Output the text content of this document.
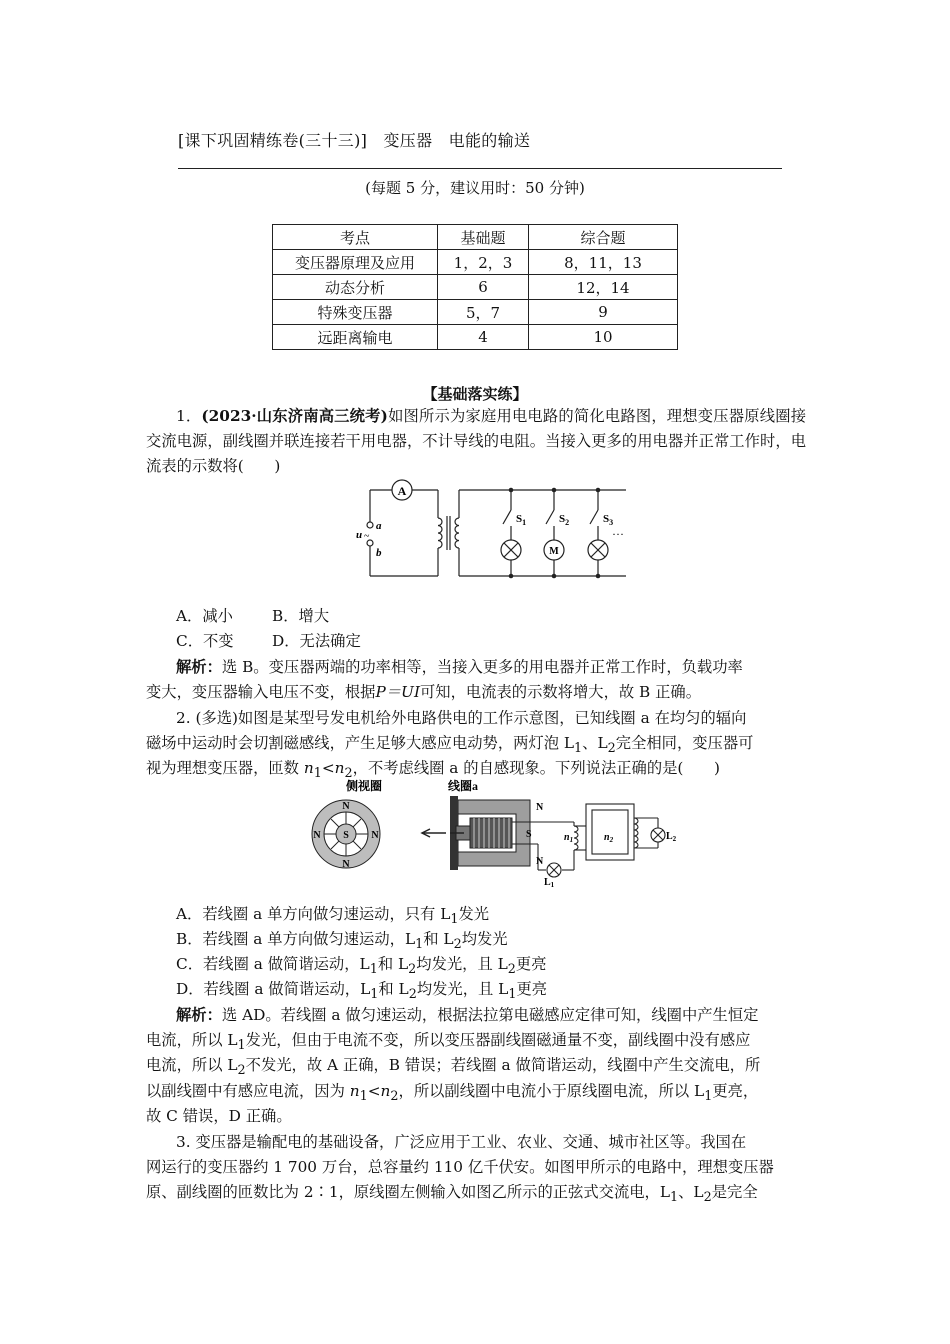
[课下巩固精练卷(三十三)]　变压器　电能的输送
(每题 5 分，建议用时：50 分钟)
考点	基础题	综合题
变压器原理及应用	1，2，3	8，11，13
动态分析	6	12，14
特殊变压器	5，7	9
远距离输电	4	10
【基础落实练】
1．(2023·山东济南高三统考)如图所示为家庭用电电路的简化电路图，理想变压器原线圈接交流电源，副线圈并联连接若干用电器，不计导线的电阻。当接入更多的用电器并正常工作时，电流表的示数将(　　)
A
a
b
u ~
$S_1$	$S_2$	$S_3$
M
···
A．减小	B．增大
C．不变	D．无法确定
解析：选 B。变压器两端的功率相等，当接入更多的用电器并正常工作时，负载功率
变大，变压器输入电压不变，根据P＝UI可知，电流表的示数将增大，故 B 正确。
2. (多选)如图是某型号发电机给外电路供电的工作示意图，已知线圈 a 在均匀的辐向
磁场中运动时会切割磁感线，产生足够大感应电动势，两灯泡 $L_1$、$L_2$完全相同，变压器可
视为理想变压器，匝数 $n_1<n_2$，不考虑线圈 a 的自感现象。下列说法正确的是(　　)
侧视圈
N
N
N	N
S
线圈a
N
S
N
$n_1$	$n_2$
$L_1$
$L_2$
A．若线圈 a 单方向做匀速运动，只有 $L_1$发光
B．若线圈 a 单方向做匀速运动，$L_1$和 $L_2$均发光
C．若线圈 a 做简谐运动，$L_1$和 $L_2$均发光，且 $L_2$更亮
D．若线圈 a 做简谐运动，$L_1$和 $L_2$均发光，且 $L_1$更亮
解析：选 AD。若线圈 a 做匀速运动，根据法拉第电磁感应定律可知，线圈中产生恒定
电流，所以 $L_1$发光，但由于电流不变，所以变压器副线圈磁通量不变，副线圈中没有感应
电流，所以 $L_2$不发光，故 A 正确，B 错误；若线圈 a 做简谐运动，线圈中产生交流电，所
以副线圈中有感应电流，因为 $n_1<n_2$，所以副线圈中电流小于原线圈电流，所以 $L_1$更亮，
故 C 错误，D 正确。
3. 变压器是输配电的基础设备，广泛应用于工业、农业、交通、城市社区等。我国在
网运行的变压器约 1 700 万台，总容量约 110 亿千伏安。如图甲所示的电路中，理想变压器
原、副线圈的匝数比为 2∶1，原线圈左侧输入如图乙所示的正弦式交流电，$L_1$、$L_2$是完全
